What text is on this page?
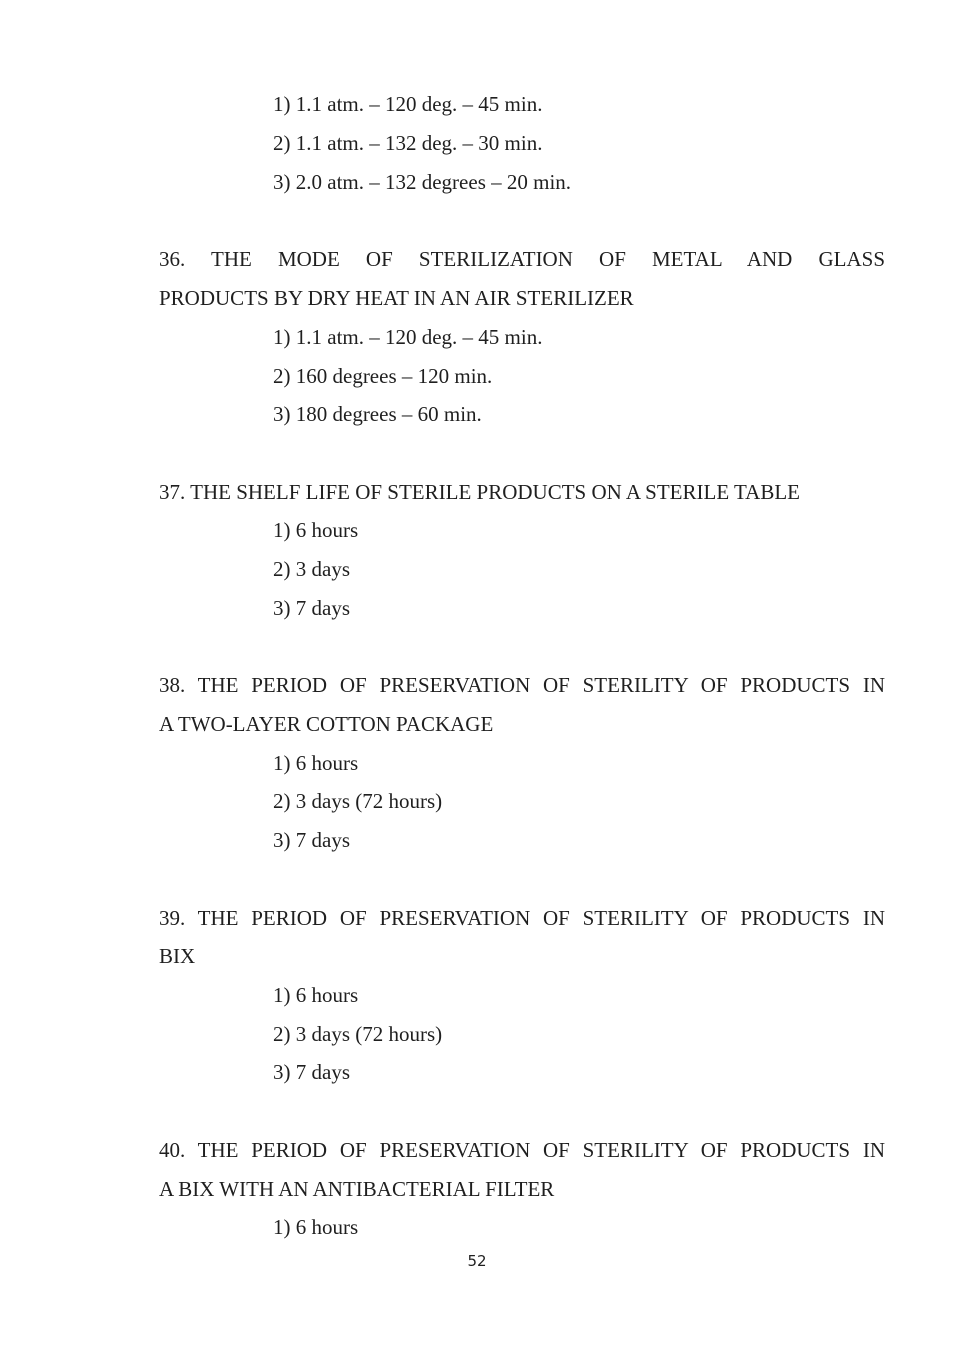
1) 1.1 atm. – 120 deg. – 45 min.
2) 1.1 atm. – 132 deg. – 30 min.
3) 2.0 atm. – 132 degrees – 20 min.
36. THE MODE OF STERILIZATION OF METAL AND GLASS
PRODUCTS BY DRY HEAT IN AN AIR STERILIZER
1) 1.1 atm. – 120 deg. – 45 min.
2) 160 degrees – 120 min.
3) 180 degrees – 60 min.
37. THE SHELF LIFE OF STERILE PRODUCTS ON A STERILE TABLE
1) 6 hours
2) 3 days
3) 7 days
38. THE PERIOD OF PRESERVATION OF STERILITY OF PRODUCTS IN
A TWO-LAYER COTTON PACKAGE
1) 6 hours
2) 3 days (72 hours)
3) 7 days
39. THE PERIOD OF PRESERVATION OF STERILITY OF PRODUCTS IN
BIX
1) 6 hours
2) 3 days (72 hours)
3) 7 days
40. THE PERIOD OF PRESERVATION OF STERILITY OF PRODUCTS IN
A BIX WITH AN ANTIBACTERIAL FILTER
1) 6 hours
52
